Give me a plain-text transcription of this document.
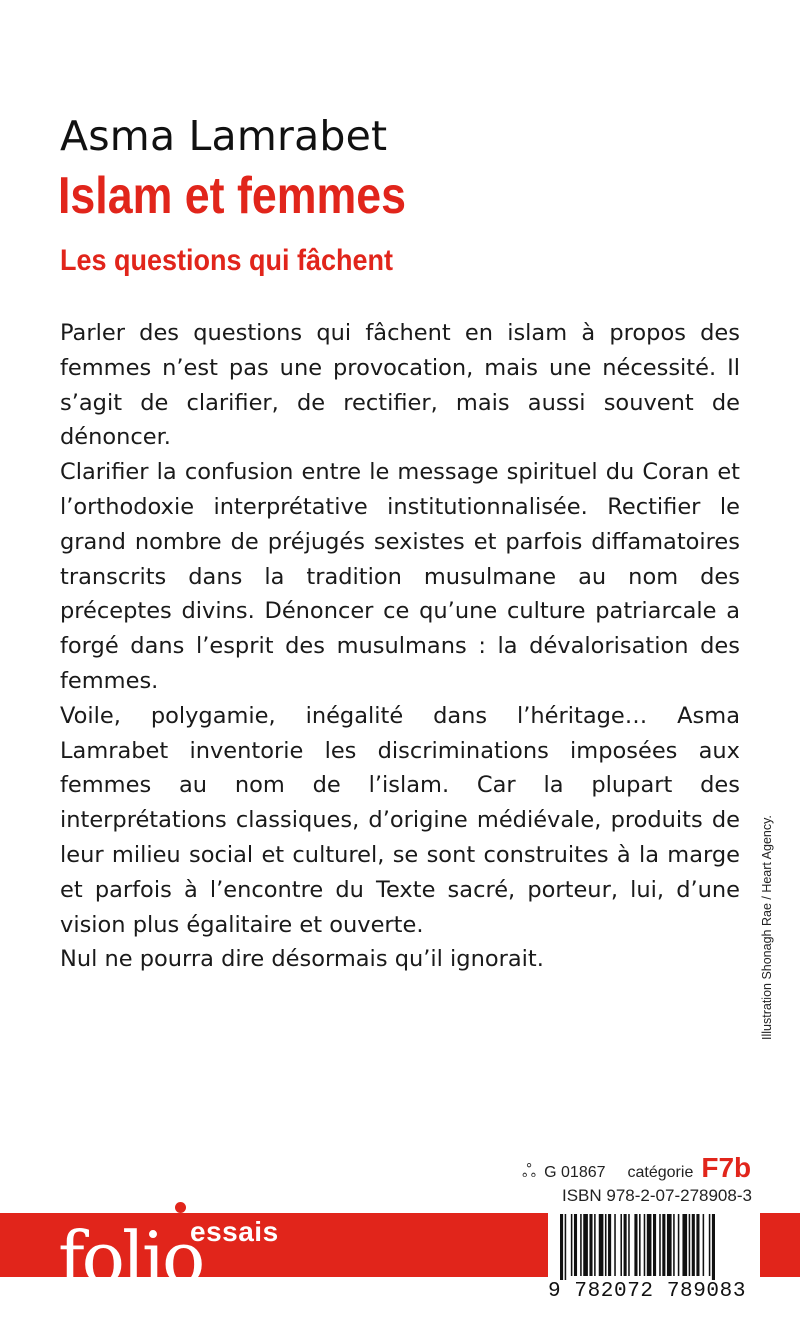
Asma Lamrabet
Islam et femmes
Les questions qui fâchent

Parler des questions qui fâchent en islam à propos des femmes n’est pas une provocation, mais une nécessité. Il s’agit de clarifier, de rectifier, mais aussi souvent de dénoncer.

Clarifier la confusion entre le message spirituel du Coran et l’orthodoxie interprétative institutionnalisée. Rectifier le grand nombre de préjugés sexistes et parfois diffamatoires transcrits dans la tradition musulmane au nom des préceptes divins. Dénoncer ce qu’une culture patriarcale a forgé dans l’esprit des musulmans : la dévalorisation des femmes.

Voile, polygamie, inégalité dans l’héritage… Asma Lamrabet inventorie les discriminations imposées aux femmes au nom de l’islam. Car la plupart des interprétations classiques, d’origine médiévale, produits de leur milieu social et culturel, se sont construites à la marge et parfois à l’encontre du Texte sacré, porteur, lui, d’une vision plus égalitaire et ouverte.

Nul ne pourra dire désormais qu’il ignorait.	Illustration Shonagh Rae / Heart Agency.
ஃ G 01867 catégorie F7b
ISBN 978-2-07-278908-3
folio
essais
9 782072 789083
